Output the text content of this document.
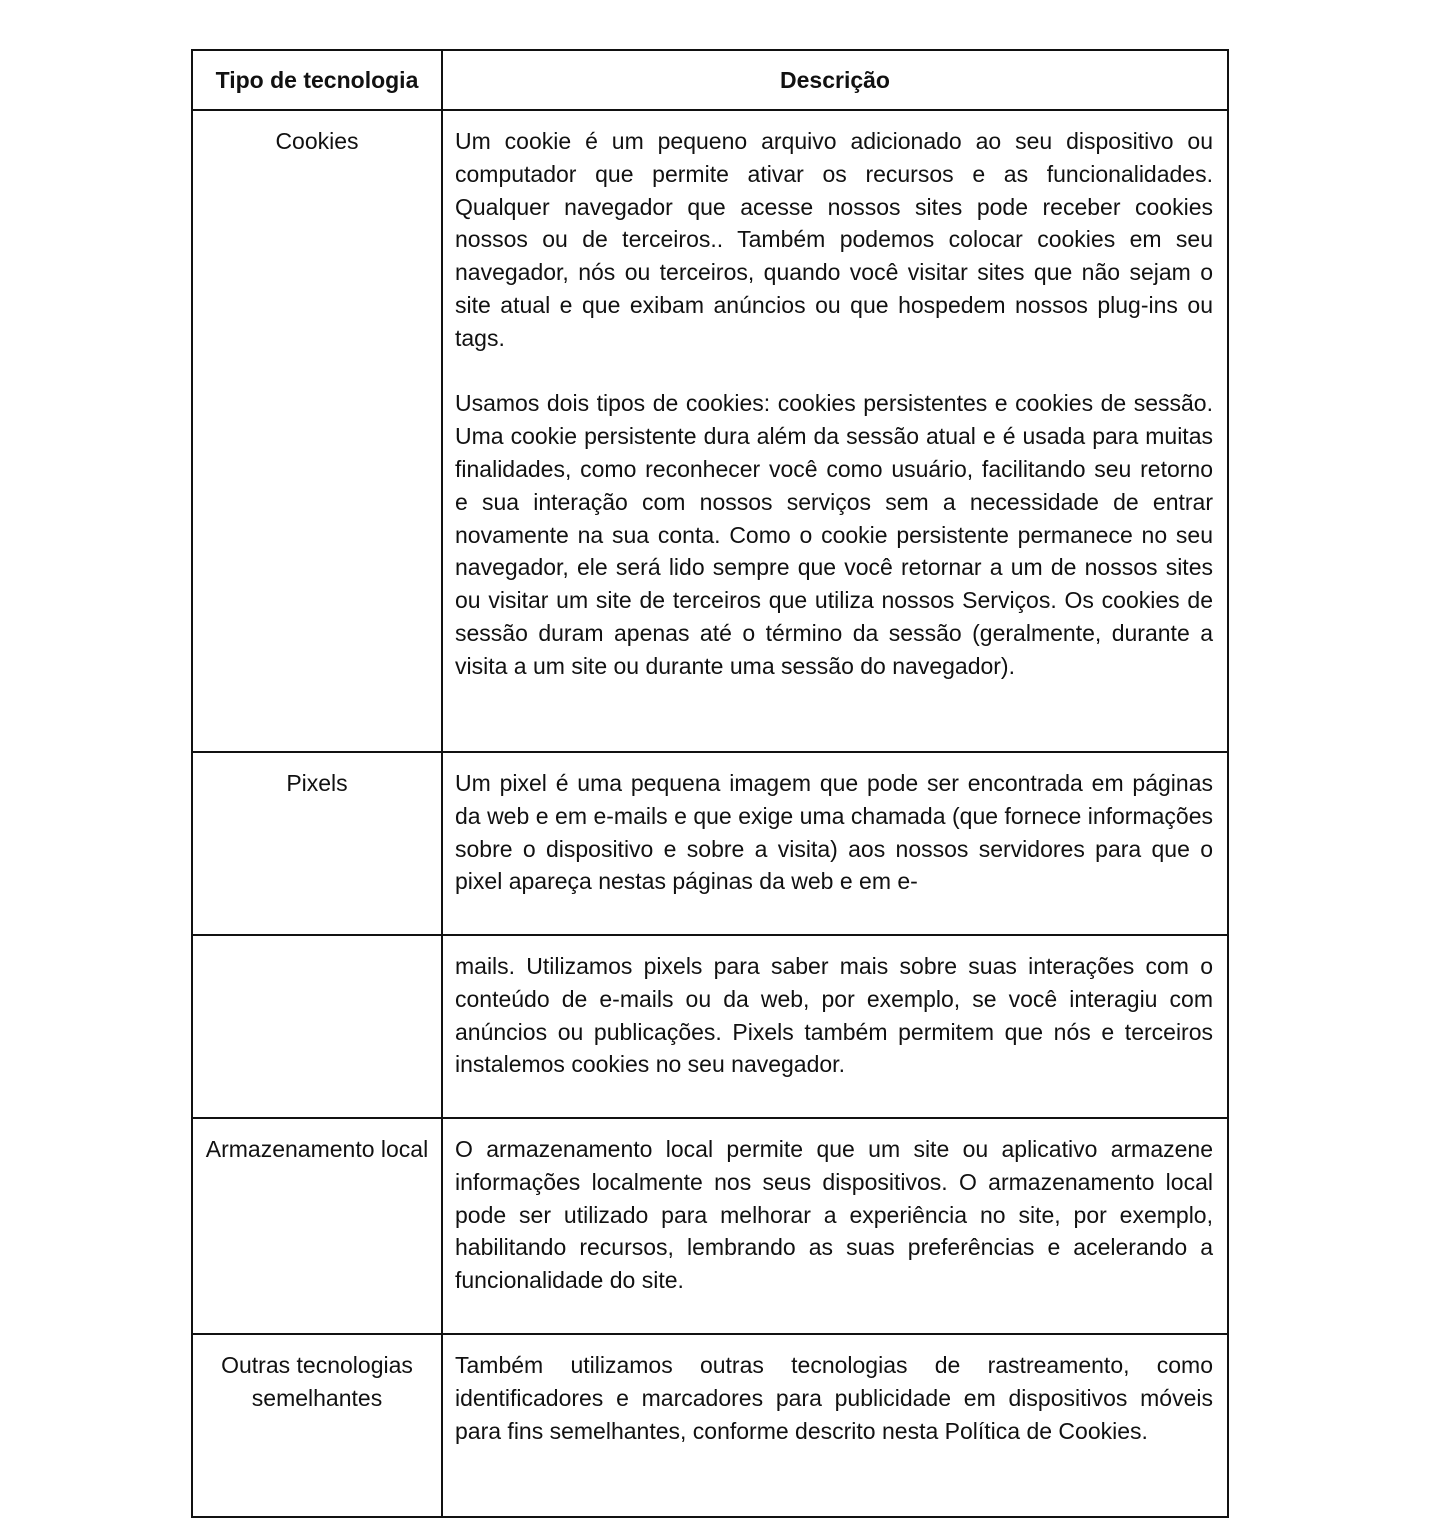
Tipo de tecnologia	Descrição
Cookies	Um cookie é um pequeno arquivo adicionado ao seu dispositivo ou computador que permite ativar os recursos e as funcionalidades. Qualquer navegador que acesse nossos sites pode receber cookies nossos ou de terceiros.. Também podemos colocar cookies em seu navegador, nós ou terceiros, quando você visitar sites que não sejam o site atual e que exibam anúncios ou que hospedem nossos plug-ins ou tags.

Usamos dois tipos de cookies: cookies persistentes e cookies de sessão. Uma cookie persistente dura além da sessão atual e é usada para muitas finalidades, como reconhecer você como usuário, facilitando seu retorno e sua interação com nossos serviços sem a necessidade de entrar novamente na sua conta. Como o cookie persistente permanece no seu navegador, ele será lido sempre que você retornar a um de nossos sites ou visitar um site de terceiros que utiliza nossos Serviços. Os cookies de sessão duram apenas até o término da sessão (geralmente, durante a visita a um site ou durante uma sessão do navegador).

Pixels	Um pixel é uma pequena imagem que pode ser encontrada em páginas da web e em e-mails e que exige uma chamada (que fornece informações sobre o dispositivo e sobre a visita) aos nossos servidores para que o pixel apareça nestas páginas da web e em e-

	mails. Utilizamos pixels para saber mais sobre suas interações com o conteúdo de e-mails ou da web, por exemplo, se você interagiu com anúncios ou publicações. Pixels também permitem que nós e terceiros instalemos cookies no seu navegador.

Armazenamento local	O armazenamento local permite que um site ou aplicativo armazene informações localmente nos seus dispositivos. O armazenamento local pode ser utilizado para melhorar a experiência no site, por exemplo, habilitando recursos, lembrando as suas preferências e acelerando a funcionalidade do site.

Outras tecnologias semelhantes	Também utilizamos outras tecnologias de rastreamento, como identificadores e marcadores para publicidade em dispositivos móveis para fins semelhantes, conforme descrito nesta Política de Cookies.
